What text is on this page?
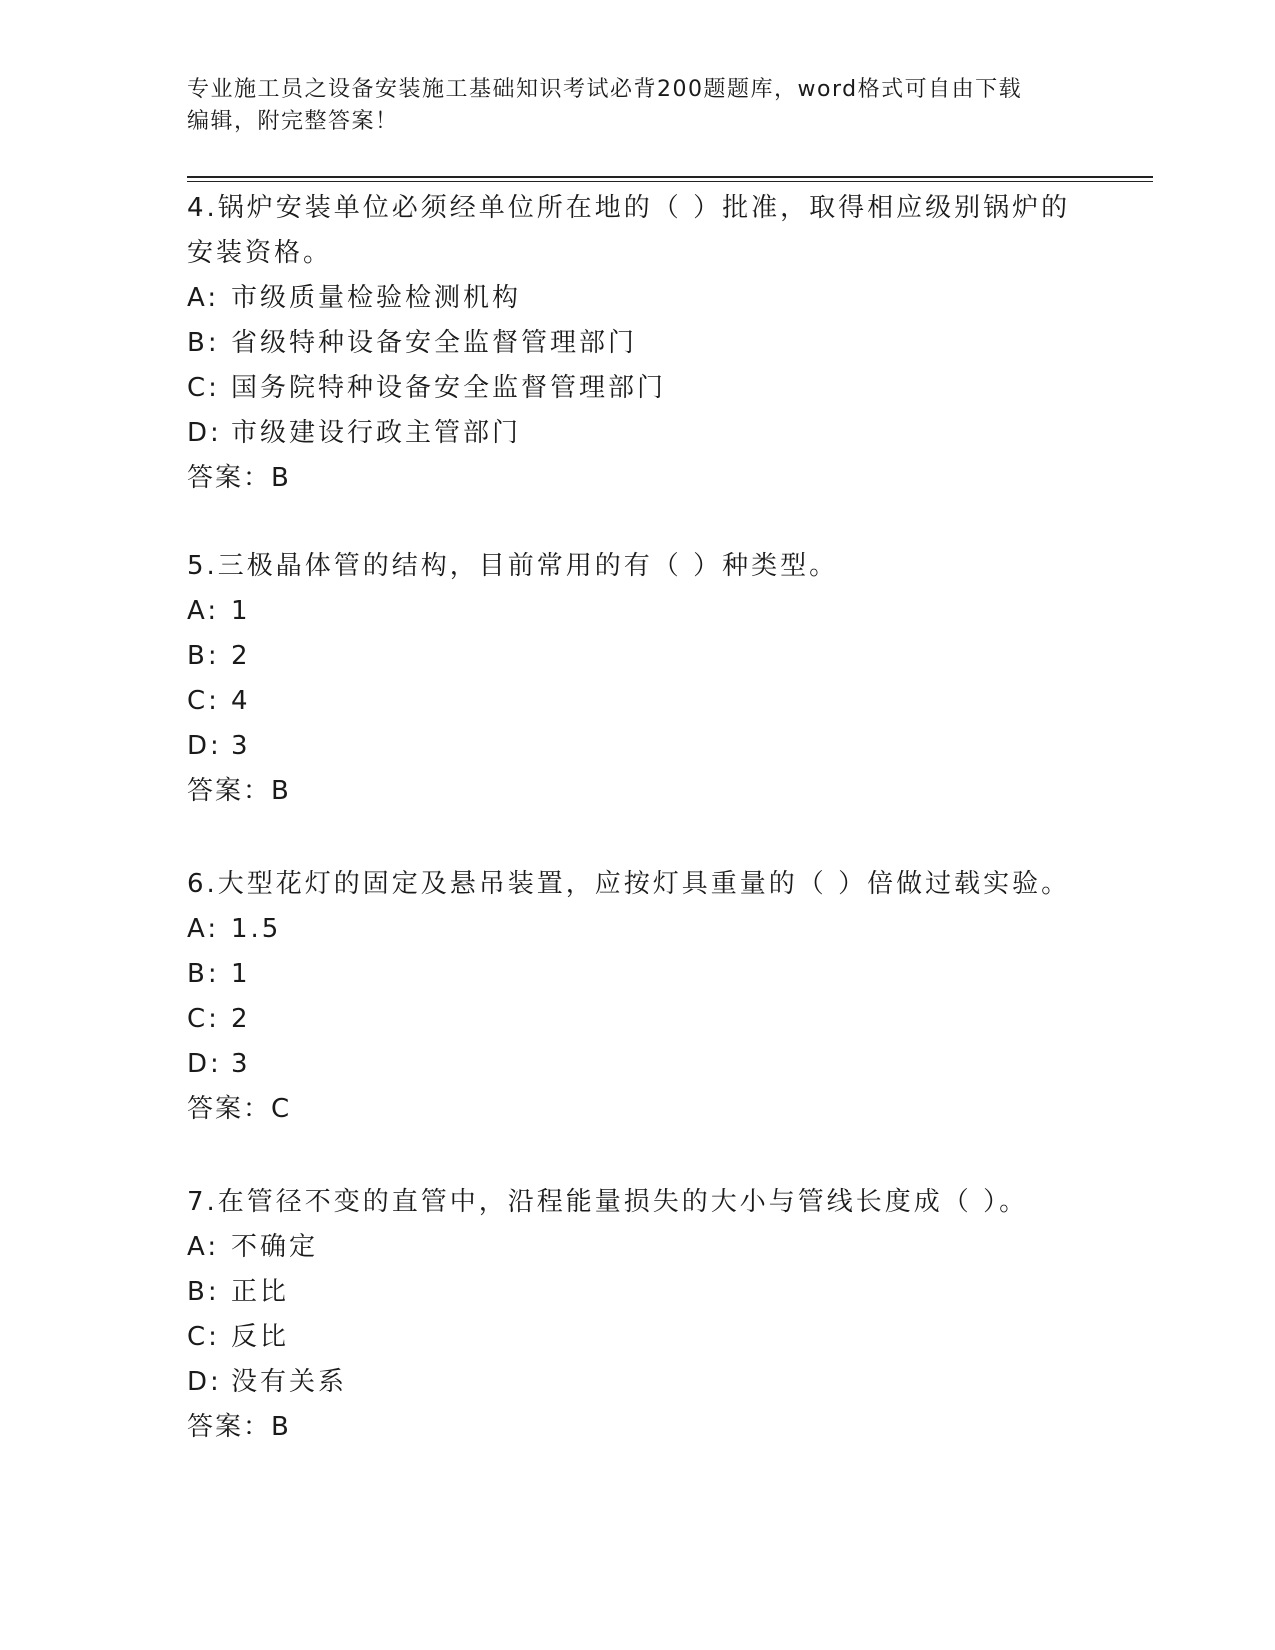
专业施工员之设备安装施工基础知识考试必背200题题库，word格式可自由下载
编辑，附完整答案！
4.锅炉安装单位必须经单位所在地的（ ）批准，取得相应级别锅炉的
安装资格。
A: 市级质量检验检测机构
B: 省级特种设备安全监督管理部门
C: 国务院特种设备安全监督管理部门
D: 市级建设行政主管部门
答案：B
5.三极晶体管的结构，目前常用的有（ ）种类型。
A: 1
B: 2
C: 4
D: 3
答案：B
6.大型花灯的固定及悬吊装置，应按灯具重量的（ ）倍做过载实验。
A: 1.5
B: 1
C: 2
D: 3
答案：C
7.在管径不变的直管中，沿程能量损失的大小与管线长度成（ ）。
A: 不确定
B: 正比
C: 反比
D: 没有关系
答案：B
